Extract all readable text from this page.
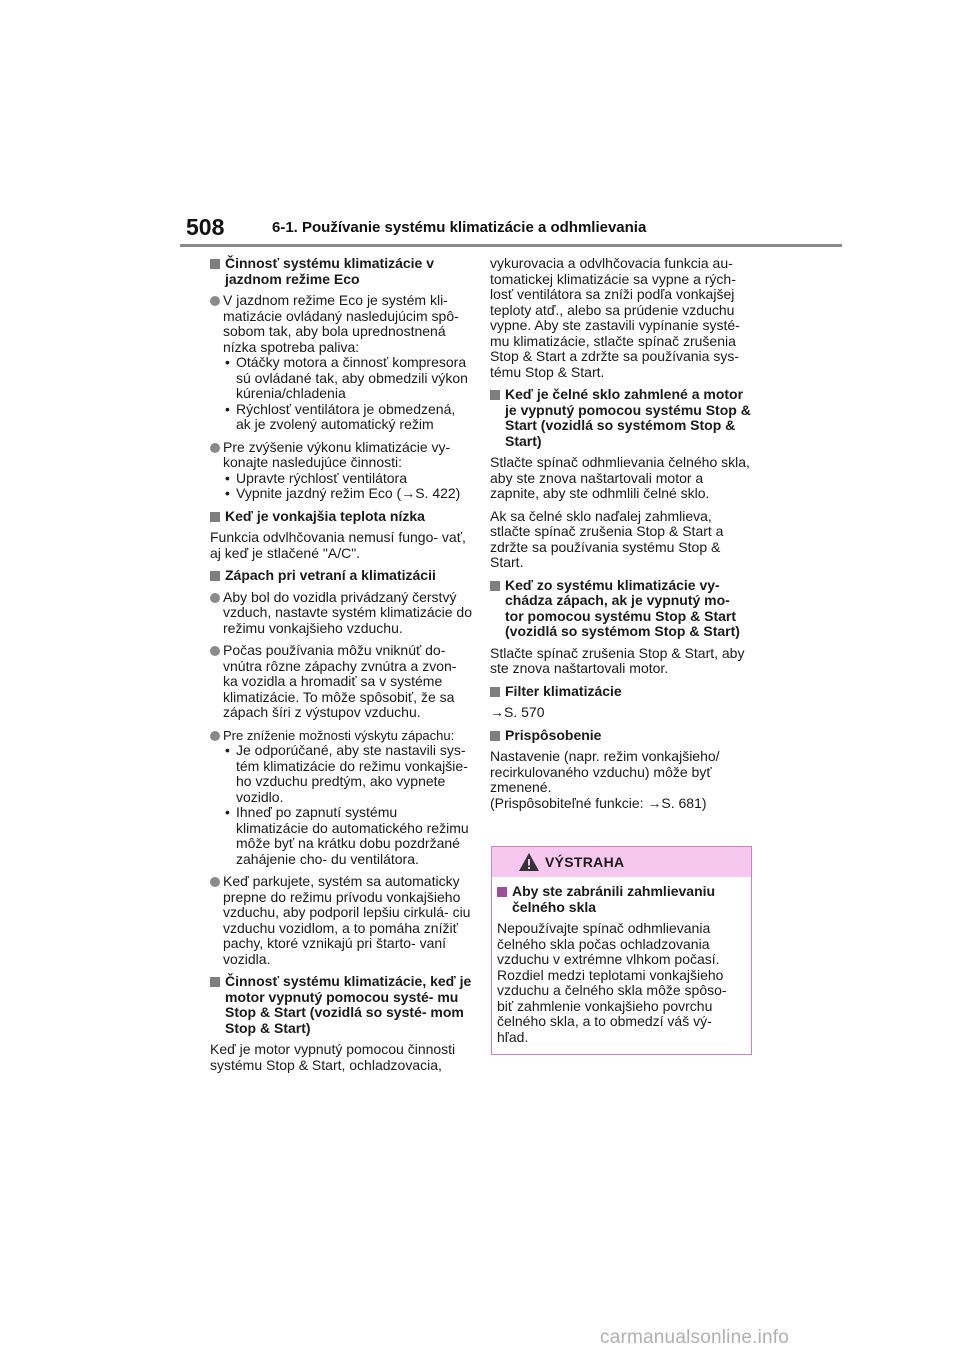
508	6-1. Používanie systému klimatizácie a odhmlievania
Činnosť systému klimatizácie v jazdnom režime Eco
V jazdnom režime Eco je systém kli- matizácie ovládaný nasledujúcim spô- sobom tak, aby bola uprednostnená nízka spotreba paliva:
• Otáčky motora a činnosť kompresora sú ovládané tak, aby obmedzili výkon kúrenia/chladenia
• Rýchlosť ventilátora je obmedzená, ak je zvolený automatický režim
Pre zvýšenie výkonu klimatizácie vy- konajte nasledujúce činnosti:
• Upravte rýchlosť ventilátora
• Vypnite jazdný režim Eco (→S. 422)
Keď je vonkajšia teplota nízka
Funkcia odvlhčovania nemusí fungo- vať, aj keď je stlačené "A/C".
Zápach pri vetraní a klimatizácii
Aby bol do vozidla privádzaný čerstvý vzduch, nastavte systém klimatizácie do režimu vonkajšieho vzduchu.
Počas používania môžu vniknúť do- vnútra rôzne zápachy zvnútra a zvon- ka vozidla a hromadiť sa v systéme klimatizácie. To môže spôsobiť, že sa zápach šíri z výstupov vzduchu.
Pre zníženie možnosti výskytu zápachu:
• Je odporúčané, aby ste nastavili sys- tém klimatizácie do režimu vonkajšie- ho vzduchu predtým, ako vypnete vozidlo.
• Ihneď po zapnutí systému klimatizácie do automatického režimu môže byť na krátku dobu pozdržané zahájenie cho- du ventilátora.
Keď parkujete, systém sa automaticky prepne do režimu prívodu vonkajšieho vzduchu, aby podporil lepšiu cirkulá- ciu vzduchu vozidlom, a to pomáha znížiť pachy, ktoré vznikajú pri štarto- vaní vozidla.
Činnosť systému klimatizácie, keď je motor vypnutý pomocou systé- mu Stop & Start (vozidlá so systé- mom Stop & Start)
Keď je motor vypnutý pomocou činnosti systému Stop & Start, ochladzovacia,
vykurovacia a odvlhčovacia funkcia au- tomatickej klimatizácie sa vypne a rých- losť ventilátora sa zníži podľa vonkajšej teploty atď., alebo sa prúdenie vzduchu vypne. Aby ste zastavili vypínanie systé- mu klimatizácie, stlačte spínač zrušenia Stop & Start a zdržte sa používania sys- tému Stop & Start.
Keď je čelné sklo zahmlené a motor je vypnutý pomocou systému Stop & Start (vozidlá so systémom Stop & Start)
Stlačte spínač odhmlievania čelného skla, aby ste znova naštartovali motor a zapnite, aby ste odhmlili čelné sklo.
Ak sa čelné sklo naďalej zahmlieva, stlačte spínač zrušenia Stop & Start a zdržte sa používania systému Stop & Start.
Keď zo systému klimatizácie vy- chádza zápach, ak je vypnutý mo- tor pomocou systému Stop & Start (vozidlá so systémom Stop & Start)
Stlačte spínač zrušenia Stop & Start, aby ste znova naštartovali motor.
Filter klimatizácie
→S. 570
Prispôsobenie
Nastavenie (napr. režim vonkajšieho/ recirkulovaného vzduchu) môže byť zmenené.
(Prispôsobiteľné funkcie: →S. 681)
VÝSTRAHA
Aby ste zabránili zahmlievaniu čelného skla
Nepoužívajte spínač odhmlievania čelného skla počas ochladzovania vzduchu v extrémne vlhkom počasí. Rozdiel medzi teplotami vonkajšieho vzduchu a čelného skla môže spôso- biť zahmlenie vonkajšieho povrchu čelného skla, a to obmedzí váš vý- hľad.
carmanualsonline.info
